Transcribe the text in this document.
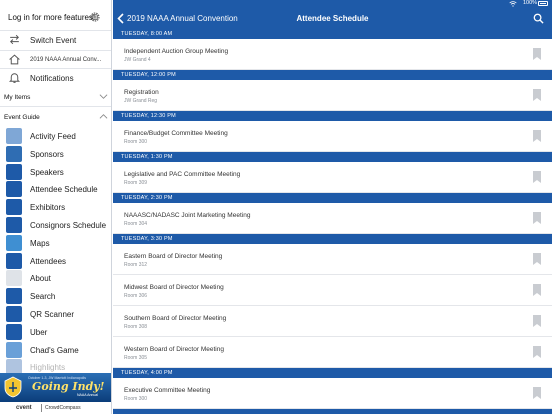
Log in for more features!
Switch Event
2019 NAAA Annual Conv...
Notifications
My Items
Event Guide
Activity Feed
Sponsors
Speakers
Attendee Schedule
Exhibitors
Consignors Schedule
Maps
Attendees
About
Search
QR Scanner
Uber
Chad's Game
Highlights
October 1-3, JW Marriott Indianapolis
Going Indy!
NAAA Annual
cvent	CrowdCompass
100%
2019 NAAA Annual Convention	Attendee Schedule
TUESDAY, 8:00 AM
Independent Auction Group Meeting
JW Grand 4
TUESDAY, 12:00 PM
Registration
JW Grand Reg
TUESDAY, 12:30 PM
Finance/Budget Committee Meeting
Room 300
TUESDAY, 1:30 PM
Legislative and PAC Committee Meeting
Room 309
TUESDAY, 2:30 PM
NAAASC/NADASC Joint Marketing Meeting
Room 304
TUESDAY, 3:30 PM
Eastern Board of Director Meeting
Room 312
Midwest Board of Director Meeting
Room 306
Southern Board of Director Meeting
Room 308
Western Board of Director Meeting
Room 305
TUESDAY, 4:00 PM
Executive Committee Meeting
Room 300
